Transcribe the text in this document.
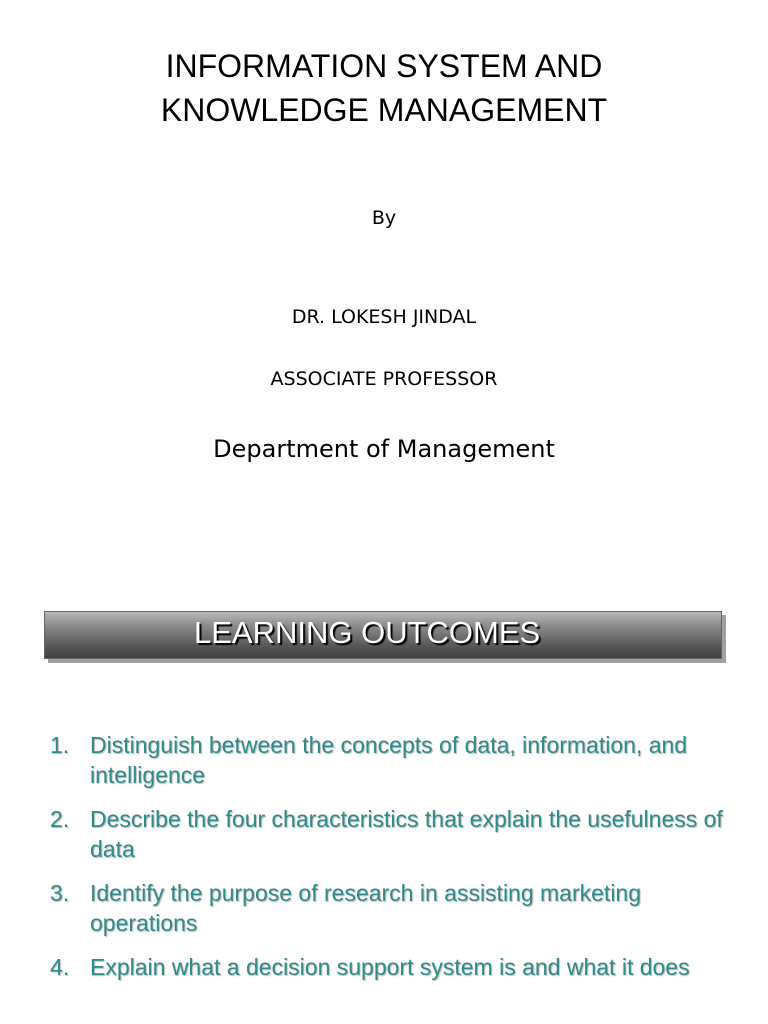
INFORMATION SYSTEM AND
KNOWLEDGE MANAGEMENT
By
DR. LOKESH JINDAL
ASSOCIATE PROFESSOR
Department of Management
LEARNING OUTCOMES
1. Distinguish between the concepts of data, information, and intelligence
2. Describe the four characteristics that explain the usefulness of data
3. Identify the purpose of research in assisting marketing operations
4. Explain what a decision support system is and what it does
